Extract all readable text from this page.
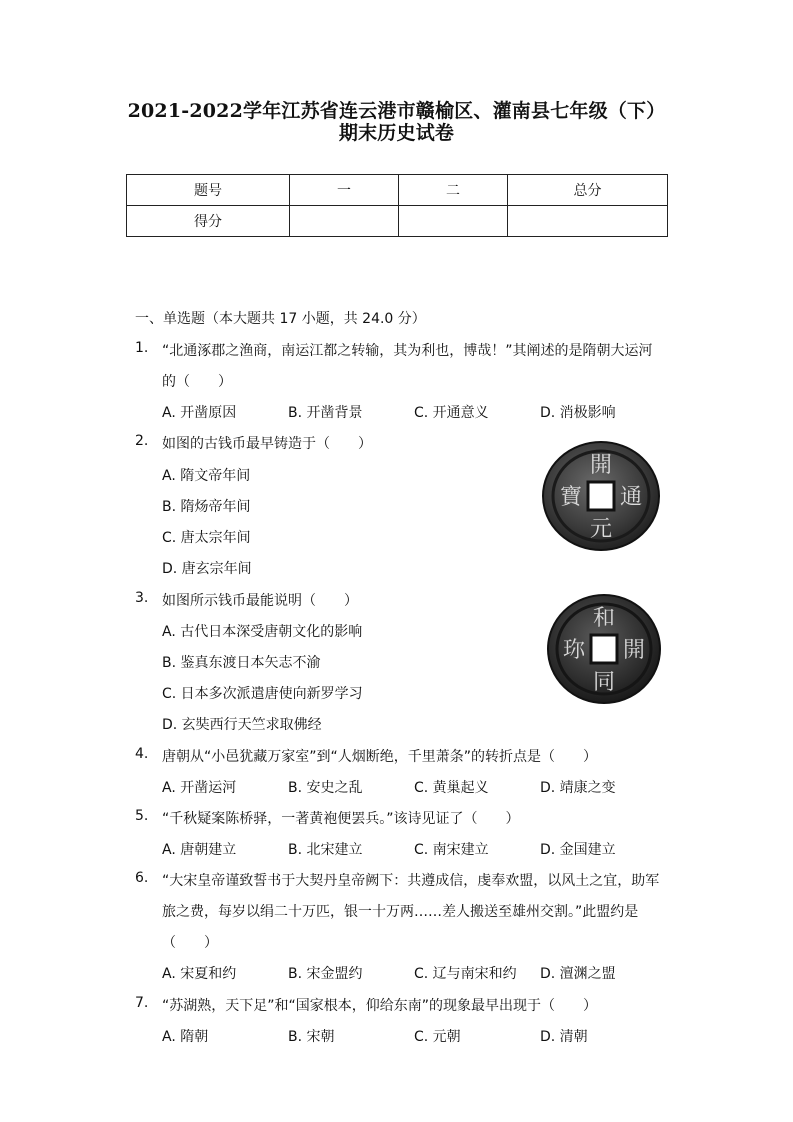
2021-2022学年江苏省连云港市赣榆区、灌南县七年级（下）
期末历史试卷
题号	一	二	总分
得分			
一、单选题（本大题共 17 小题，共 24.0 分）
1. “北通涿郡之渔商，南运江都之转输，其为利也，博哉！”其阐述的是隋朝大运河
的（　　）
A. 开凿原因	B. 开凿背景	C. 开通意义	D. 消极影响
2. 如图的古钱币最早铸造于（　　）
A. 隋文帝年间
B. 隋炀帝年间
C. 唐太宗年间
D. 唐玄宗年间
開
元
通
寶
3. 如图所示钱币最能说明（　　）
A. 古代日本深受唐朝文化的影响
B. 鉴真东渡日本矢志不渝
C. 日本多次派遣唐使向新罗学习
D. 玄奘西行天竺求取佛经
和
同
開
珎
4. 唐朝从“小邑犹藏万家室”到“人烟断绝，千里萧条”的转折点是（　　）
A. 开凿运河	B. 安史之乱	C. 黄巢起义	D. 靖康之变
5. “千秋疑案陈桥驿，一著黄袍便罢兵。”该诗见证了（　　）
A. 唐朝建立	B. 北宋建立	C. 南宋建立	D. 金国建立
6. “大宋皇帝谨致誓书于大契丹皇帝阙下：共遵成信，虔奉欢盟，以风土之宜，助军
旅之费，每岁以绢二十万匹，银一十万两……差人搬送至雄州交割。”此盟约是
（　　）
A. 宋夏和约	B. 宋金盟约	C. 辽与南宋和约 D. 澶渊之盟
7. “苏湖熟，天下足”和“国家根本，仰给东南”的现象最早出现于（　　）
A. 隋朝	B. 宋朝	C. 元朝	D. 清朝
